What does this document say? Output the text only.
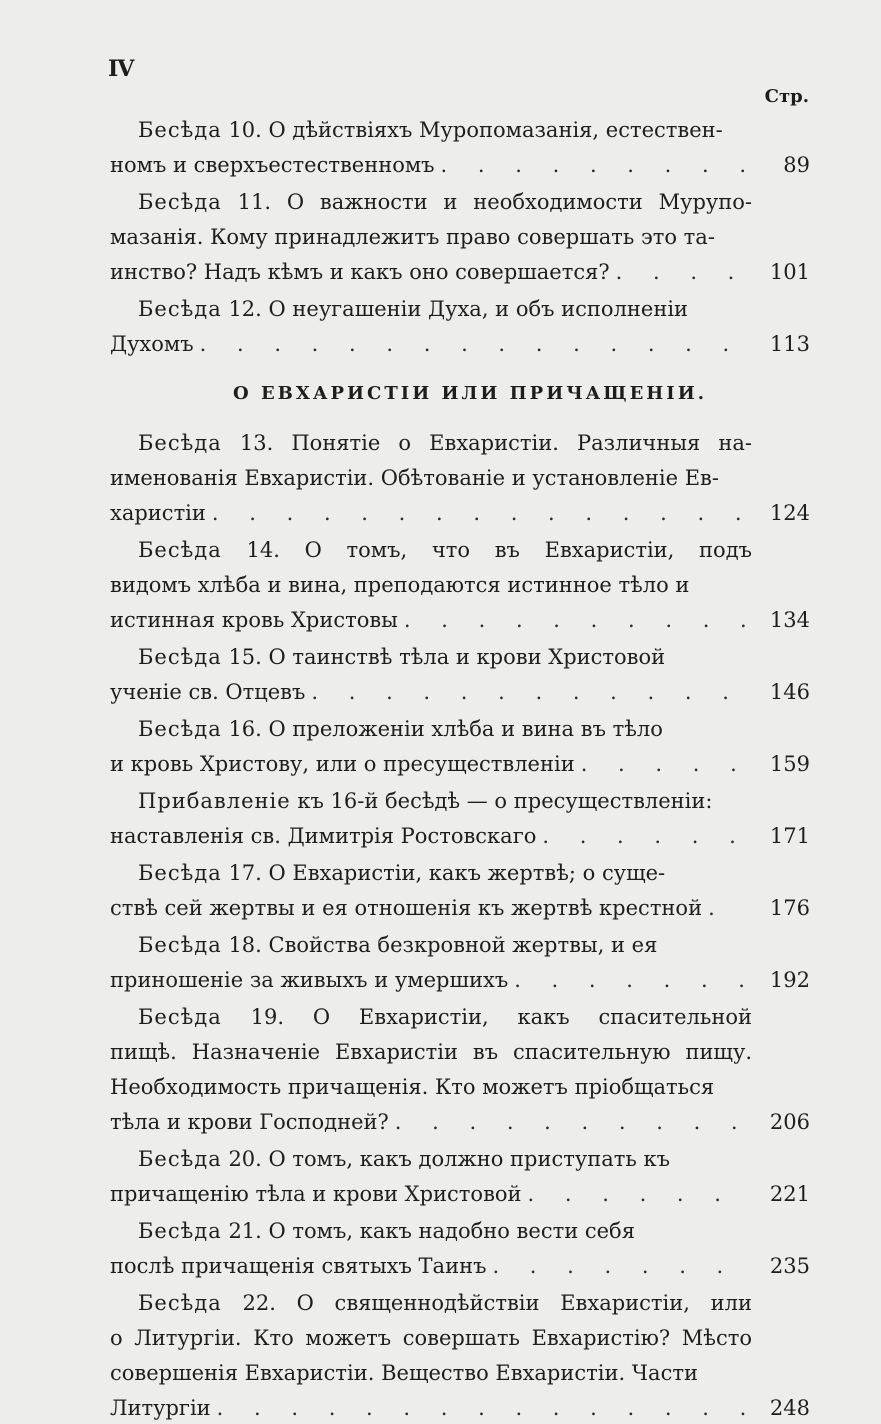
IV
Стр.
Бесѣда 10. О дѣйствіяхъ Муропомазанія, естествен-
номъ и сверхъестественномъ . . .	89
Бесѣда 11. О важности и необходимости Мурупо-
мазанія. Кому принадлежитъ право совершать это та-
инство? Надъ кѣмъ и какъ оно совершается? . . .	101
Бесѣда 12. О неугашеніи Духа, и объ исполненіи
Духомъ . . .	113
О ЕВХАРИСТІИ ИЛИ ПРИЧАЩЕНІИ.
Бесѣда 13. Понятіе о Евхаристіи. Различныя на-
именованія Евхаристіи. Обѣтованіе и установленіе Ев-
харистіи . . .	124
Бесѣда 14. О томъ, что въ Евхаристіи, подъ
видомъ хлѣба и вина, преподаются истинное тѣло и
истинная кровь Христовы . . .	134
Бесѣда 15. О таинствѣ тѣла и крови Христовой
ученіе св. Отцевъ . . .	146
Бесѣда 16. О преложеніи хлѣба и вина въ тѣло
и кровь Христову, или о пресуществленіи . . .	159
Прибавленіе къ 16-й бесѣдѣ — о пресуществленіи:
наставленія св. Димитрія Ростовскаго . . .	171
Бесѣда 17. О Евхаристіи, какъ жертвѣ; о суще-
ствѣ сей жертвы и ея отношенія къ жертвѣ крестной . . .	176
Бесѣда 18. Свойства безкровной жертвы, и ея
приношеніе за живыхъ и умершихъ . . .	192
Бесѣда 19. О Евхаристіи, какъ спасительной
пищѣ. Назначеніе Евхаристіи въ спасительную пищу.
Необходимость причащенія. Кто можетъ пріобщаться
тѣла и крови Господней? . . .	206
Бесѣда 20. О томъ, какъ должно приступать къ
причащенію тѣла и крови Христовой . . .	221
Бесѣда 21. О томъ, какъ надобно вести себя
послѣ причащенія святыхъ Таинъ . . .	235
Бесѣда 22. О священнодѣйствіи Евхаристіи, или
о Литургіи. Кто можетъ совершать Евхаристію? Мѣсто
совершенія Евхаристіи. Вещество Евхаристіи. Части
Литургіи . . .	248
